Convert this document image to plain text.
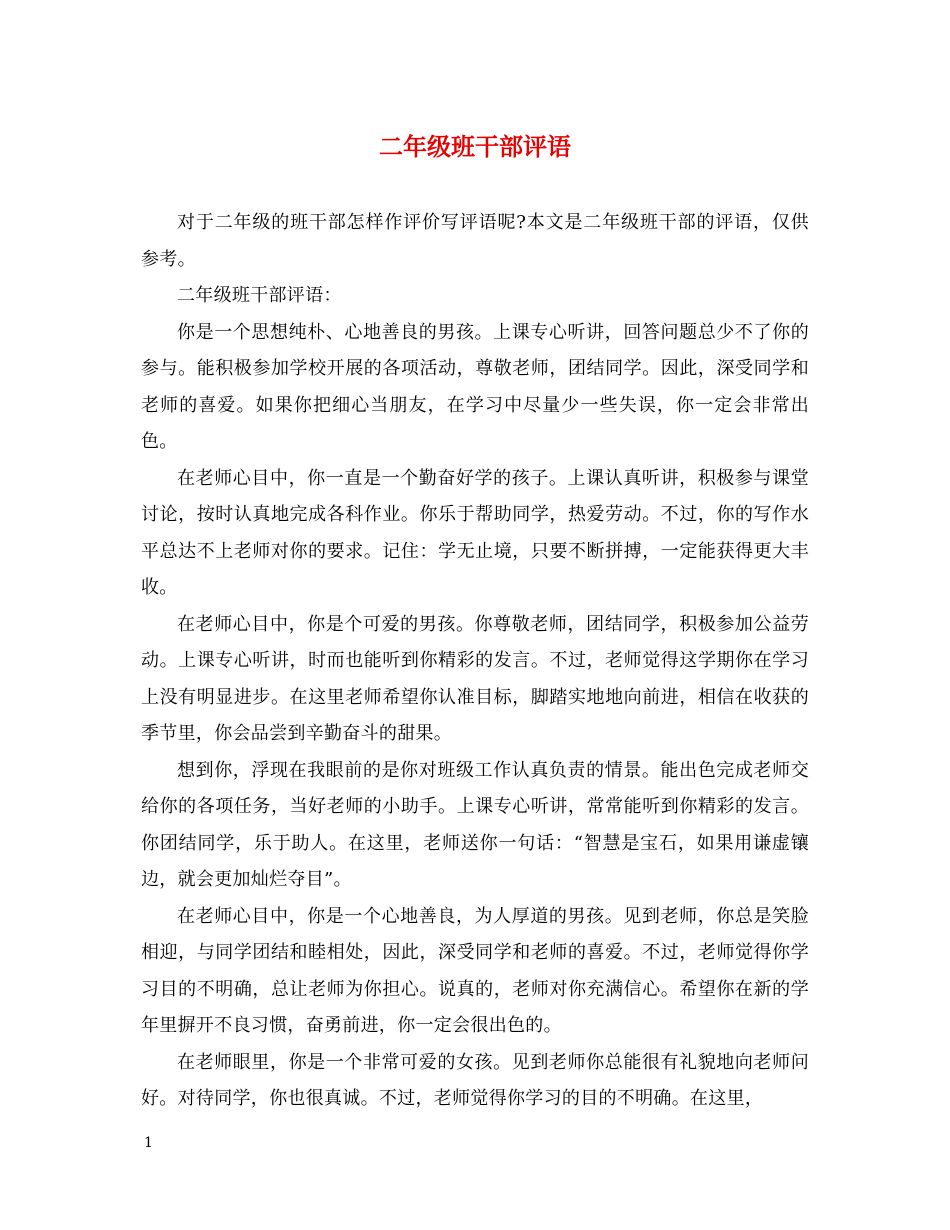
二年级班干部评语

对于二年级的班干部怎样作评价写评语呢?本文是二年级班干部的评语，仅供参考。

二年级班干部评语：

你是一个思想纯朴、心地善良的男孩。上课专心听讲，回答问题总少不了你的参与。能积极参加学校开展的各项活动，尊敬老师，团结同学。因此，深受同学和老师的喜爱。如果你把细心当朋友，在学习中尽量少一些失误，你一定会非常出色。

在老师心目中，你一直是一个勤奋好学的孩子。上课认真听讲，积极参与课堂讨论，按时认真地完成各科作业。你乐于帮助同学，热爱劳动。不过，你的写作水平总达不上老师对你的要求。记住：学无止境，只要不断拼搏，一定能获得更大丰收。

在老师心目中，你是个可爱的男孩。你尊敬老师，团结同学，积极参加公益劳动。上课专心听讲，时而也能听到你精彩的发言。不过，老师觉得这学期你在学习上没有明显进步。在这里老师希望你认准目标，脚踏实地地向前进，相信在收获的季节里，你会品尝到辛勤奋斗的甜果。

想到你，浮现在我眼前的是你对班级工作认真负责的情景。能出色完成老师交给你的各项任务，当好老师的小助手。上课专心听讲，常常能听到你精彩的发言。你团结同学，乐于助人。在这里，老师送你一句话：“智慧是宝石，如果用谦虚镶边，就会更加灿烂夺目”。

在老师心目中，你是一个心地善良，为人厚道的男孩。见到老师，你总是笑脸相迎，与同学团结和睦相处，因此，深受同学和老师的喜爱。不过，老师觉得你学习目的不明确，总让老师为你担心。说真的，老师对你充满信心。希望你在新的学年里摒开不良习惯，奋勇前进，你一定会很出色的。

在老师眼里，你是一个非常可爱的女孩。见到老师你总能很有礼貌地向老师问好。对待同学，你也很真诚。不过，老师觉得你学习的目的不明确。在这里，

1
